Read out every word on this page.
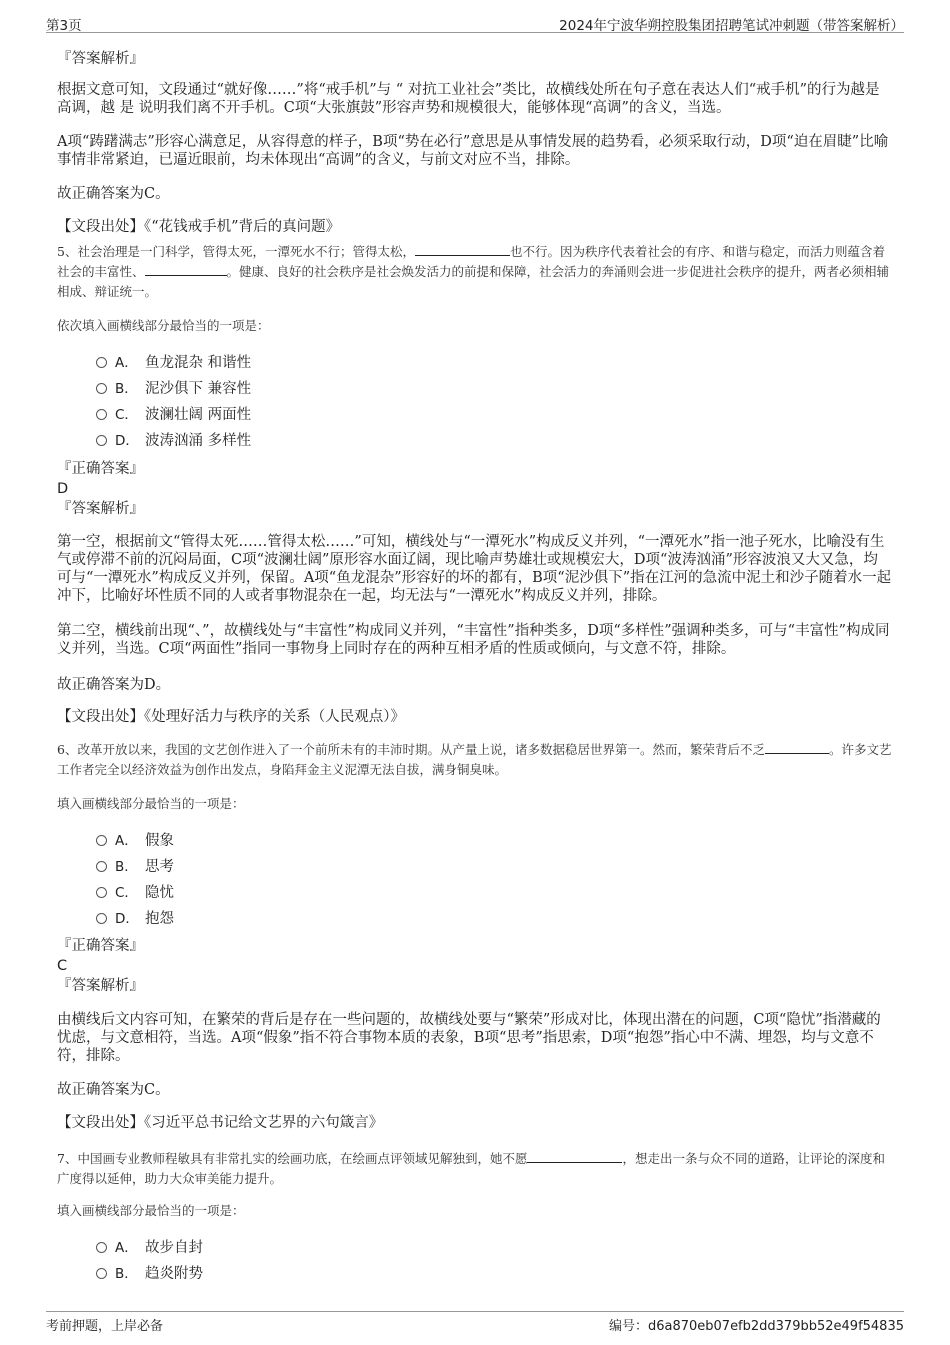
第3页	2024年宁波华朔控股集团招聘笔试冲刺题（带答案解析）
『答案解析』
根据文意可知，文段通过“就好像……”将“戒手机”与 “ 对抗工业社会”类比，故横线处所在句子意在表达人们“戒手机”的行为越是高调，越 是 说明我们离不开手机。C项“大张旗鼓”形容声势和规模很大，能够体现“高调”的含义，当选。
A项“踌躇满志”形容心满意足，从容得意的样子，B项“势在必行”意思是从事情发展的趋势看，必须采取行动，D项“迫在眉睫”比喻事情非常紧迫，已逼近眼前，均未体现出“高调”的含义，与前文对应不当，排除。
故正确答案为C。
【文段出处】《“花钱戒手机”背后的真问题》
5、社会治理是一门科学，管得太死，一潭死水不行；管得太松，	也不行。因为秩序代表着社会的有序、和谐与稳定，而活力则蕴含着社会的丰富性、	。健康、良好的社会秩序是社会焕发活力的前提和保障，社会活力的奔涌则会进一步促进社会秩序的提升，两者必须相辅相成、辩证统一。
依次填入画横线部分最恰当的一项是：
A． 鱼龙混杂 和谐性
B． 泥沙俱下 兼容性
C． 波澜壮阔 两面性
D． 波涛汹涌 多样性
『正确答案』
D
『答案解析』
第一空，根据前文“管得太死……管得太松……”可知，横线处与“一潭死水”构成反义并列，“一潭死水”指一池子死水，比喻没有生气或停滞不前的沉闷局面，C项“波澜壮阔”原形容水面辽阔，现比喻声势雄壮或规模宏大，D项“波涛汹涌”形容波浪又大又急，均可与“一潭死水”构成反义并列，保留。A项“鱼龙混杂”形容好的坏的都有，B项“泥沙俱下”指在江河的急流中泥土和沙子随着水一起冲下，比喻好坏性质不同的人或者事物混杂在一起，均无法与“一潭死水”构成反义并列，排除。
第二空，横线前出现“、”，故横线处与“丰富性”构成同义并列，“丰富性”指种类多，D项“多样性”强调种类多，可与“丰富性”构成同义并列，当选。C项“两面性”指同一事物身上同时存在的两种互相矛盾的性质或倾向，与文意不符，排除。
故正确答案为D。
【文段出处】《处理好活力与秩序的关系（人民观点）》
6、改革开放以来，我国的文艺创作进入了一个前所未有的丰沛时期。从产量上说，诸多数据稳居世界第一。然而，繁荣背后不乏	。许多文艺工作者完全以经济效益为创作出发点，身陷拜金主义泥潭无法自拔，满身铜臭味。
填入画横线部分最恰当的一项是：
A． 假象
B． 思考
C． 隐忧
D． 抱怨
『正确答案』
C
『答案解析』
由横线后文内容可知，在繁荣的背后是存在一些问题的，故横线处要与“繁荣”形成对比，体现出潜在的问题，C项“隐忧”指潜藏的忧虑，与文意相符，当选。A项“假象”指不符合事物本质的表象，B项“思考”指思索，D项“抱怨”指心中不满、埋怨，均与文意不符，排除。
故正确答案为C。
【文段出处】《习近平总书记给文艺界的六句箴言》
7、中国画专业教师程敏具有非常扎实的绘画功底，在绘画点评领域见解独到，她不愿	，想走出一条与众不同的道路，让评论的深度和广度得以延伸，助力大众审美能力提升。
填入画横线部分最恰当的一项是：
A． 故步自封
B． 趋炎附势
考前押题，上岸必备	编号：d6a870eb07efb2dd379bb52e49f54835
